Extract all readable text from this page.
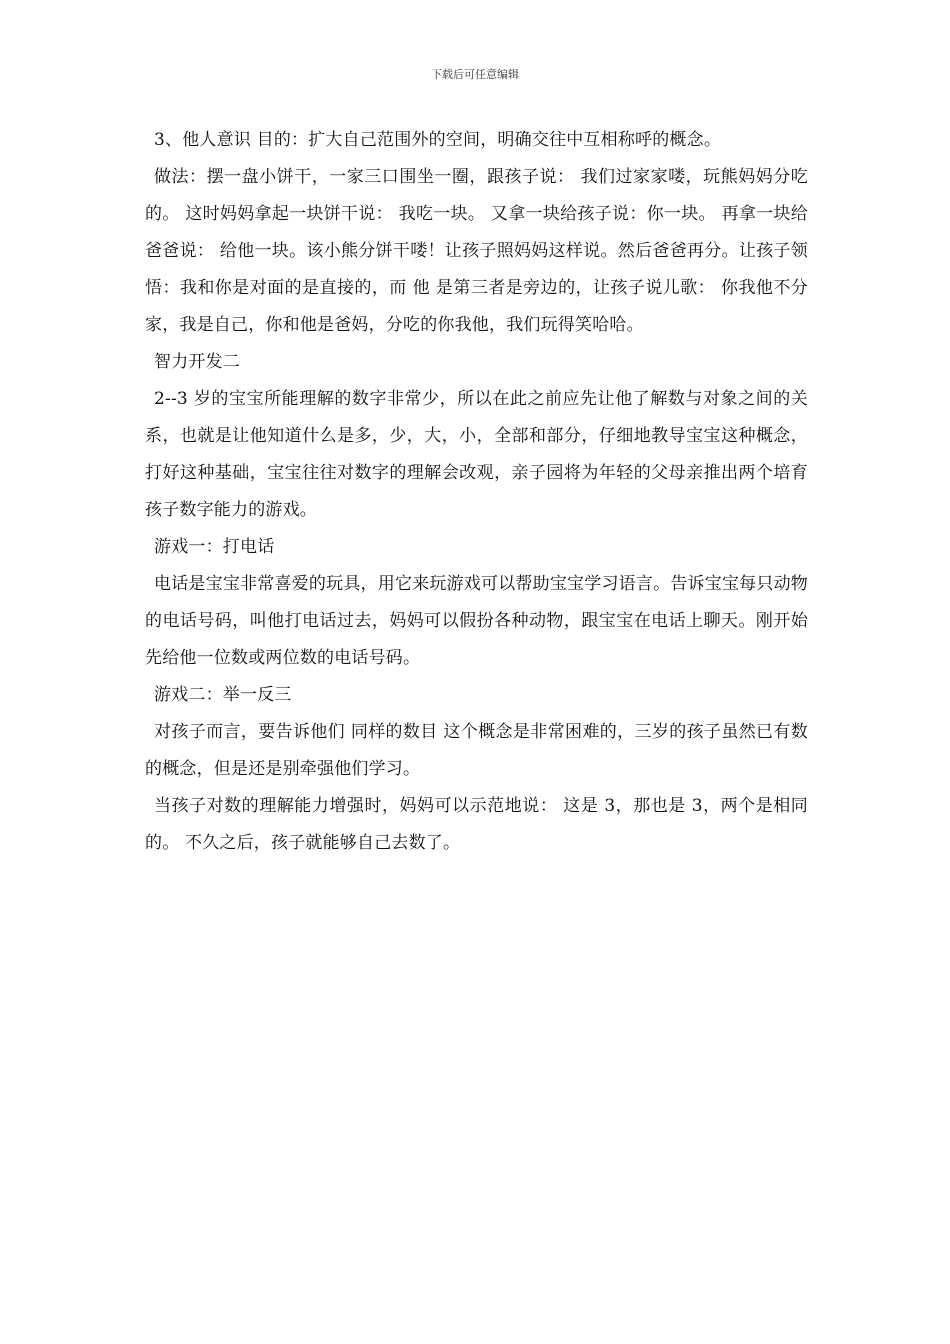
下载后可任意编辑

3、他人意识 目的：扩大自己范围外的空间，明确交往中互相称呼的概念。

做法：摆一盘小饼干，一家三口围坐一圈，跟孩子说： 我们过家家喽，玩熊妈妈分吃的。 这时妈妈拿起一块饼干说： 我吃一块。 又拿一块给孩子说：你一块。 再拿一块给爸爸说： 给他一块。该小熊分饼干喽！让孩子照妈妈这样说。然后爸爸再分。让孩子领悟：我和你是对面的是直接的，而 他 是第三者是旁边的，让孩子说儿歌： 你我他不分家，我是自己，你和他是爸妈，分吃的你我他，我们玩得笑哈哈。

智力开发二

2--3 岁的宝宝所能理解的数字非常少，所以在此之前应先让他了解数与对象之间的关系，也就是让他知道什么是多，少，大，小，全部和部分，仔细地教导宝宝这种概念，打好这种基础，宝宝往往对数字的理解会改观，亲子园将为年轻的父母亲推出两个培育孩子数字能力的游戏。

游戏一：打电话

电话是宝宝非常喜爱的玩具，用它来玩游戏可以帮助宝宝学习语言。告诉宝宝每只动物的电话号码，叫他打电话过去，妈妈可以假扮各种动物，跟宝宝在电话上聊天。刚开始先给他一位数或两位数的电话号码。

游戏二：举一反三

对孩子而言，要告诉他们 同样的数目 这个概念是非常困难的，三岁的孩子虽然已有数的概念，但是还是别牵强他们学习。

当孩子对数的理解能力增强时，妈妈可以示范地说： 这是 3，那也是 3，两个是相同的。 不久之后，孩子就能够自己去数了。
